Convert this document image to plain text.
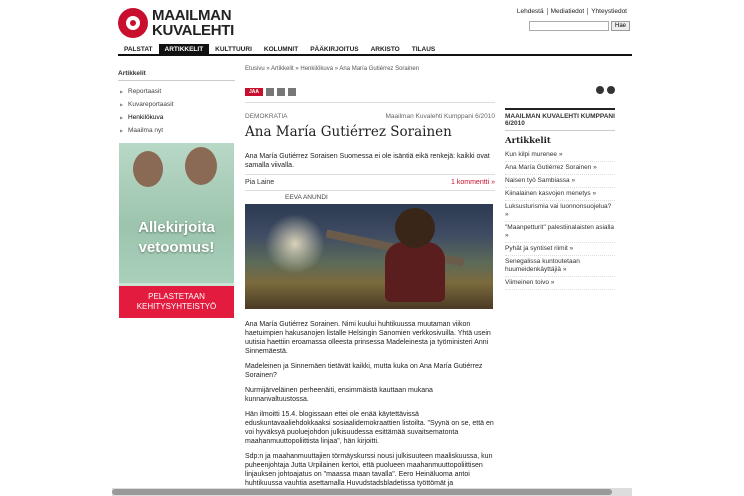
MAAILMAN
KUVALEHTI
Lehdestä	Mediatiedot	Yhteystiedot
Hae
PALSTAT	ARTIKKELIT	KULTTUURI	KOLUMNIT	PÄÄKIRJOITUS	ARKISTO	TILAUS
Artikkelit
▶ Reportaasit
▶ Kuvareportaasit
▶ Henkilökuva
▶ Maailma nyt
Allekirjoita
vetoomus!
PELASTETAAN
KEHITYSYHTEISTYÖ
Etusivu » Artikkelit » Henkilökuva » Ana María Gutiérrez Sorainen
JAA
DEMOKRATIA	Maailman Kuvalehti Kumppani 6/2010
Ana María Gutiérrez Sorainen
Ana María Gutiérrez Soraisen Suomessa ei ole isäntiä eikä renkejä: kaikki ovat samalla viivalla.
Pia Laine	1 kommentti »
EEVA ANUNDI

Ana María Gutiérrez Sorainen. Nimi kuului huhtikuussa muutaman viikon haetuimpien hakusanojen listalle Helsingin Sanomien verkkosivuilla. Yhtä usein uutisia haettiin eroamassa olleesta prinsessa Madeleinesta ja työministeri Anni Sinnemäestä.

Madeleinen ja Sinnemäen tietävät kaikki, mutta kuka on Ana María Gutiérrez Sorainen?

Nurmijärveläinen perheenäiti, ensimmäistä kauttaan mukana kunnanvaltuustossa.

Hän ilmoitti 15.4. blogissaan ettei ole enää käytettävissä eduskuntavaaliehdokkaaksi sosiaalidemokraattien listoilta. "Syynä on se, että en voi hyväksyä puoluejohdon julkisuudessa esittämää suvaitsematonta maahanmuuttopoliittista linjaa", hän kirjoitti.

Sdp:n ja maahanmuuttajien törmäyskurssi nousi julkisuuteen maaliskuussa, kun puheenjohtaja Jutta Urpilainen kertoi, että puolueen maahanmuuttopoliittisen linjauksen johtoajatus on "maassa maan tavalla". Eero Heinäluoma antoi huhtikuussa vauhtia asettamalla Huvudstadsbladetissa työttömät ja

MAAILMAN KUVALEHTI KUMPPANI 6/2010
Artikkelit
Kun kilpi murenee »
Ana María Gutiérrez Sorainen »
Naisen työ Sambiassa »
Kiinalainen kasvojen menetys »
Luksusturismia vai luonnonsuojelua? »
"Maanpetturit" palestiinalaisten asialla »
Pyhät ja syntiset riimit »
Senegalissa kuntoutetaan huumeidenkäyttäjiä »
Viimeinen toivo »
